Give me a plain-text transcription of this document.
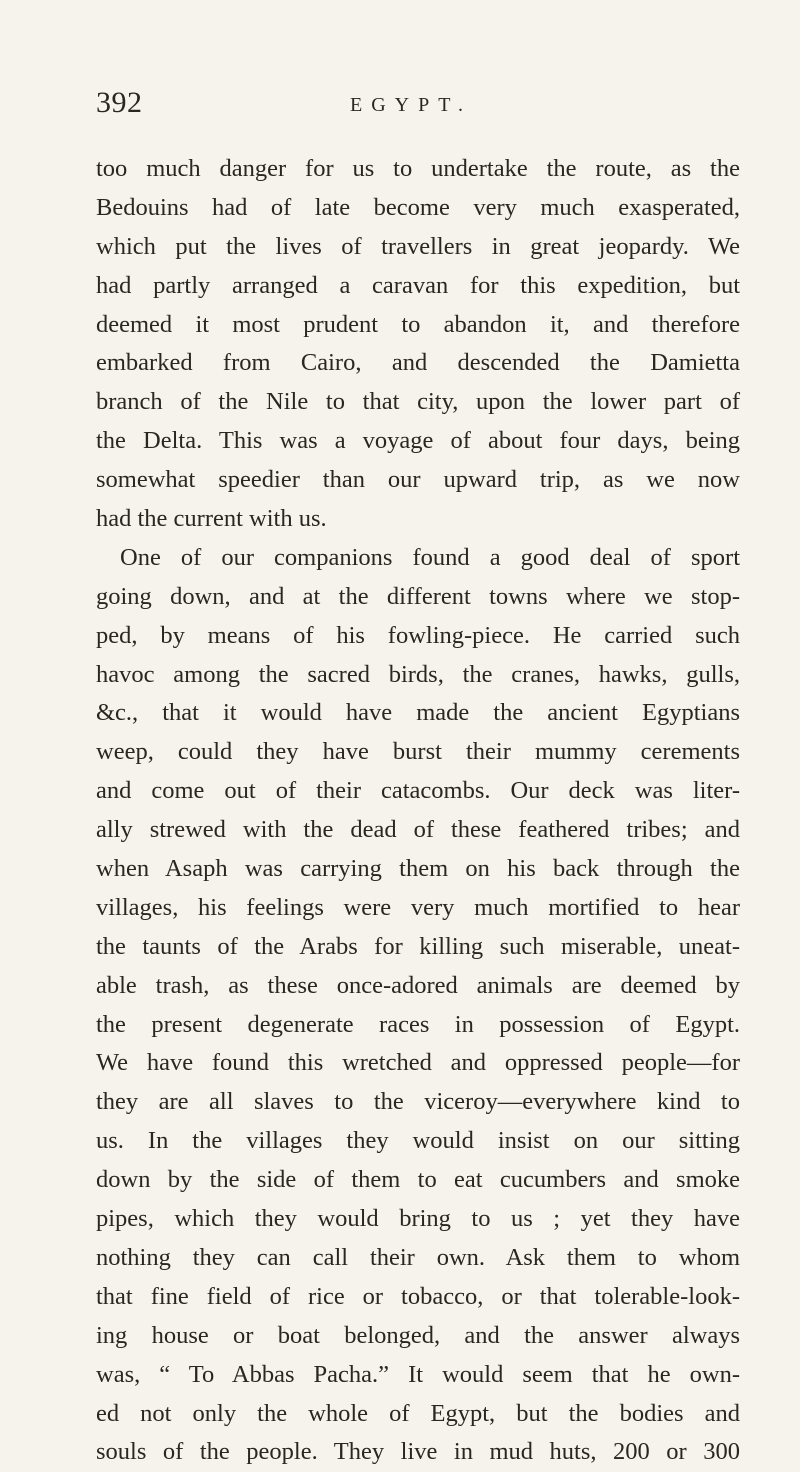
392	EGYPT.
too much danger for us to undertake the route, as the
Bedouins had of late become very much exasperated,
which put the lives of travellers in great jeopardy. We
had partly arranged a caravan for this expedition, but
deemed it most prudent to abandon it, and therefore
embarked from Cairo, and descended the Damietta
branch of the Nile to that city, upon the lower part of
the Delta. This was a voyage of about four days, being
somewhat speedier than our upward trip, as we now
had the current with us.
One of our companions found a good deal of sport
going down, and at the different towns where we stop-
ped, by means of his fowling-piece. He carried such
havoc among the sacred birds, the cranes, hawks, gulls,
&c., that it would have made the ancient Egyptians
weep, could they have burst their mummy cerements
and come out of their catacombs. Our deck was liter-
ally strewed with the dead of these feathered tribes; and
when Asaph was carrying them on his back through the
villages, his feelings were very much mortified to hear
the taunts of the Arabs for killing such miserable, uneat-
able trash, as these once-adored animals are deemed by
the present degenerate races in possession of Egypt.
We have found this wretched and oppressed people—for
they are all slaves to the viceroy—everywhere kind to
us. In the villages they would insist on our sitting
down by the side of them to eat cucumbers and smoke
pipes, which they would bring to us ; yet they have
nothing they can call their own. Ask them to whom
that fine field of rice or tobacco, or that tolerable-look-
ing house or boat belonged, and the answer always
was, “ To Abbas Pacha.” It would seem that he own-
ed not only the whole of Egypt, but the bodies and
souls of the people. They live in mud huts, 200 or 300
